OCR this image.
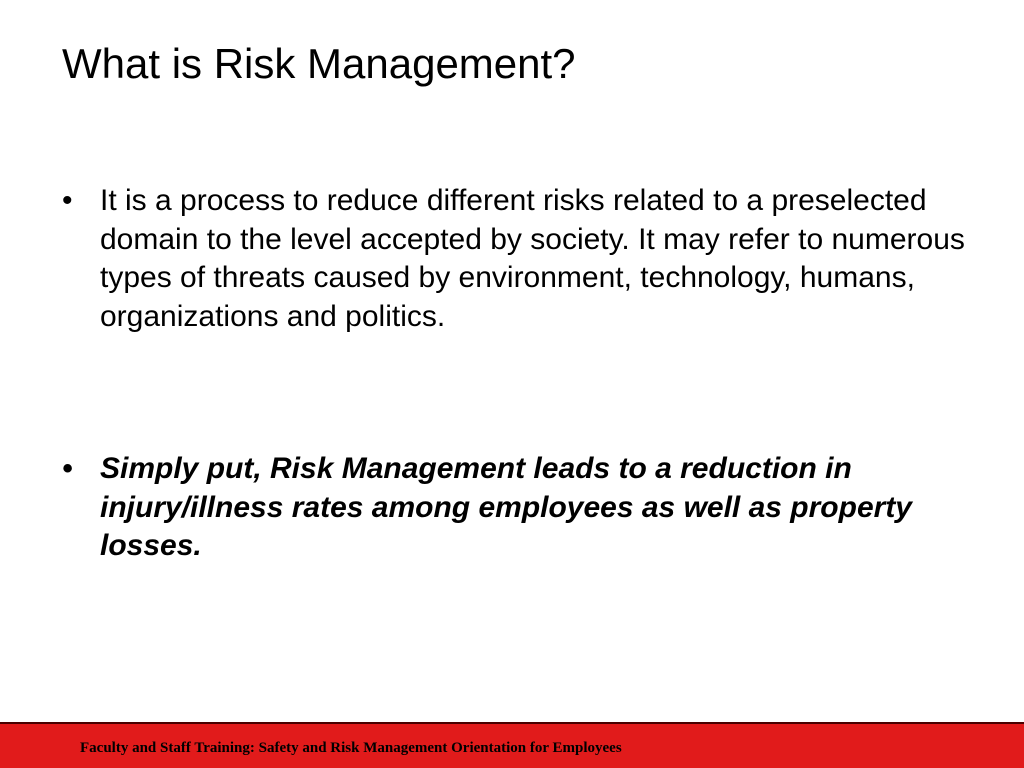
What is Risk Management?
• It is a process to reduce different risks related to a preselected domain to the level accepted by society. It may refer to numerous types of threats caused by environment, technology, humans, organizations and politics.
• Simply put, Risk Management leads to a reduction in injury/illness rates among employees as well as property losses.
Faculty and Staff Training: Safety and Risk Management Orientation for Employees
